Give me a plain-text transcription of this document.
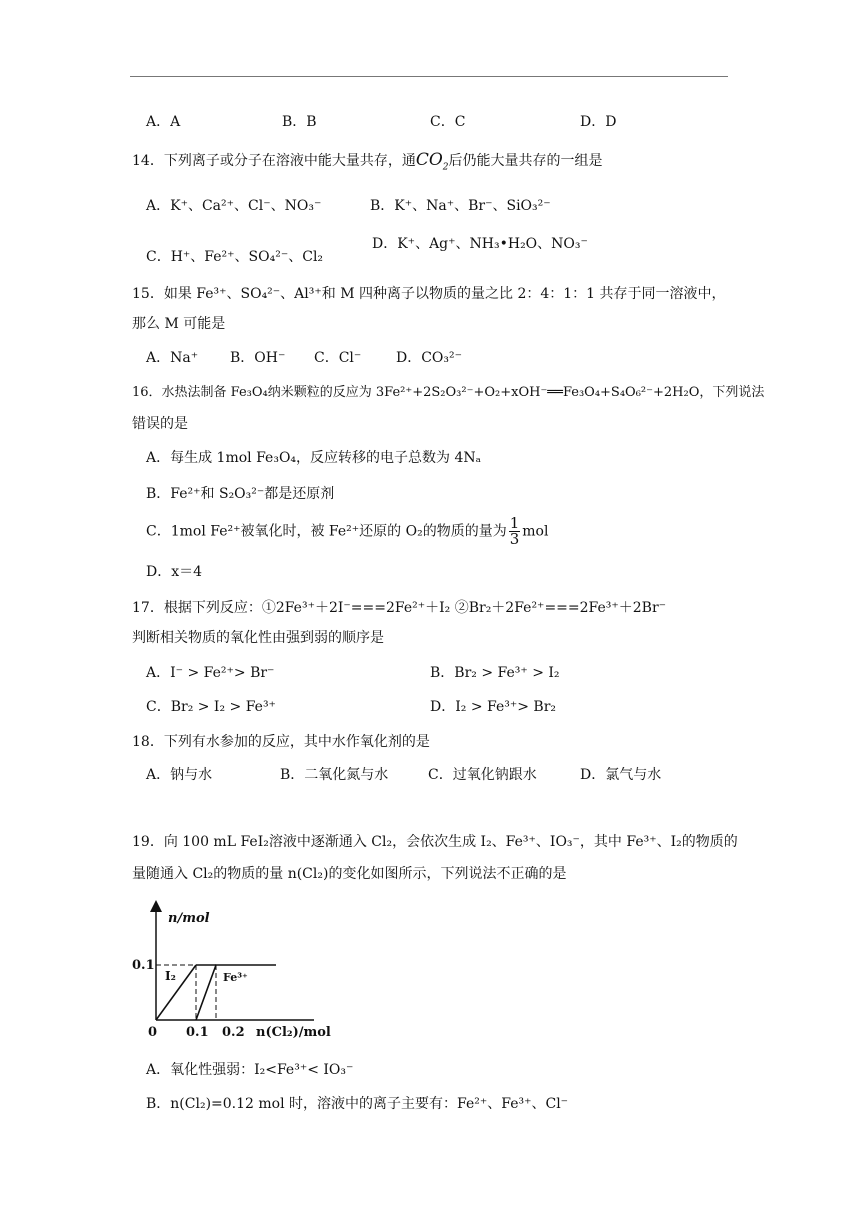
A．A	B．B	C．C	D．D
14．下列离子或分子在溶液中能大量共存，通$CO_2$后仍能大量共存的一组是
A．K⁺、Ca²⁺、Cl⁻、NO₃⁻	B．K⁺、Na⁺、Br⁻、SiO₃²⁻
C．H⁺、Fe²⁺、SO₄²⁻、Cl₂
D．K⁺、Ag⁺、NH₃•H₂O、NO₃⁻
15．如果 Fe³⁺、SO₄²⁻、Al³⁺和 M 四种离子以物质的量之比 2：4：1：1 共存于同一溶液中，
那么 M 可能是
A．Na⁺ B．OH⁻ C．Cl⁻ D．CO₃²⁻
16．水热法制备 Fe₃O₄纳米颗粒的反应为 3Fe²⁺+2S₂O₃²⁻+O₂+xOH⁻══Fe₃O₄+S₄O₆²⁻+2H₂O，下列说法
错误的是
A．每生成 1mol Fe₃O₄，反应转移的电子总数为 4Nₐ
B．Fe²⁺和 S₂O₃²⁻都是还原剂
C．1mol Fe²⁺被氧化时，被 Fe²⁺还原的 O₂的物质的量为 $\frac{1}{3}$ mol
D．x＝4
17．根据下列反应：①2Fe³⁺＋2I⁻===2Fe²⁺＋I₂ ②Br₂＋2Fe²⁺===2Fe³⁺＋2Br⁻
判断相关物质的氧化性由强到弱的顺序是
A．I⁻ > Fe²⁺> Br⁻	B．Br₂ > Fe³⁺ > I₂
C．Br₂ > I₂ > Fe³⁺	D．I₂ > Fe³⁺> Br₂
18．下列有水参加的反应，其中水作氧化剂的是
A．钠与水	B．二氧化氮与水	C．过氧化钠跟水	D．氯气与水
19．向 100 mL FeI₂溶液中逐渐通入 Cl₂，会依次生成 I₂、Fe³⁺、IO₃⁻，其中 Fe³⁺、I₂的物质的
量随通入 Cl₂的物质的量 n(Cl₂)的变化如图所示，下列说法不正确的是
n/mol
n(Cl₂)/mol
0.1
0 0.1 0.2
I₂	Fe³⁺
A．氧化性强弱：I₂<Fe³⁺< IO₃⁻
B．n(Cl₂)=0.12 mol 时，溶液中的离子主要有：Fe²⁺、Fe³⁺、Cl⁻
